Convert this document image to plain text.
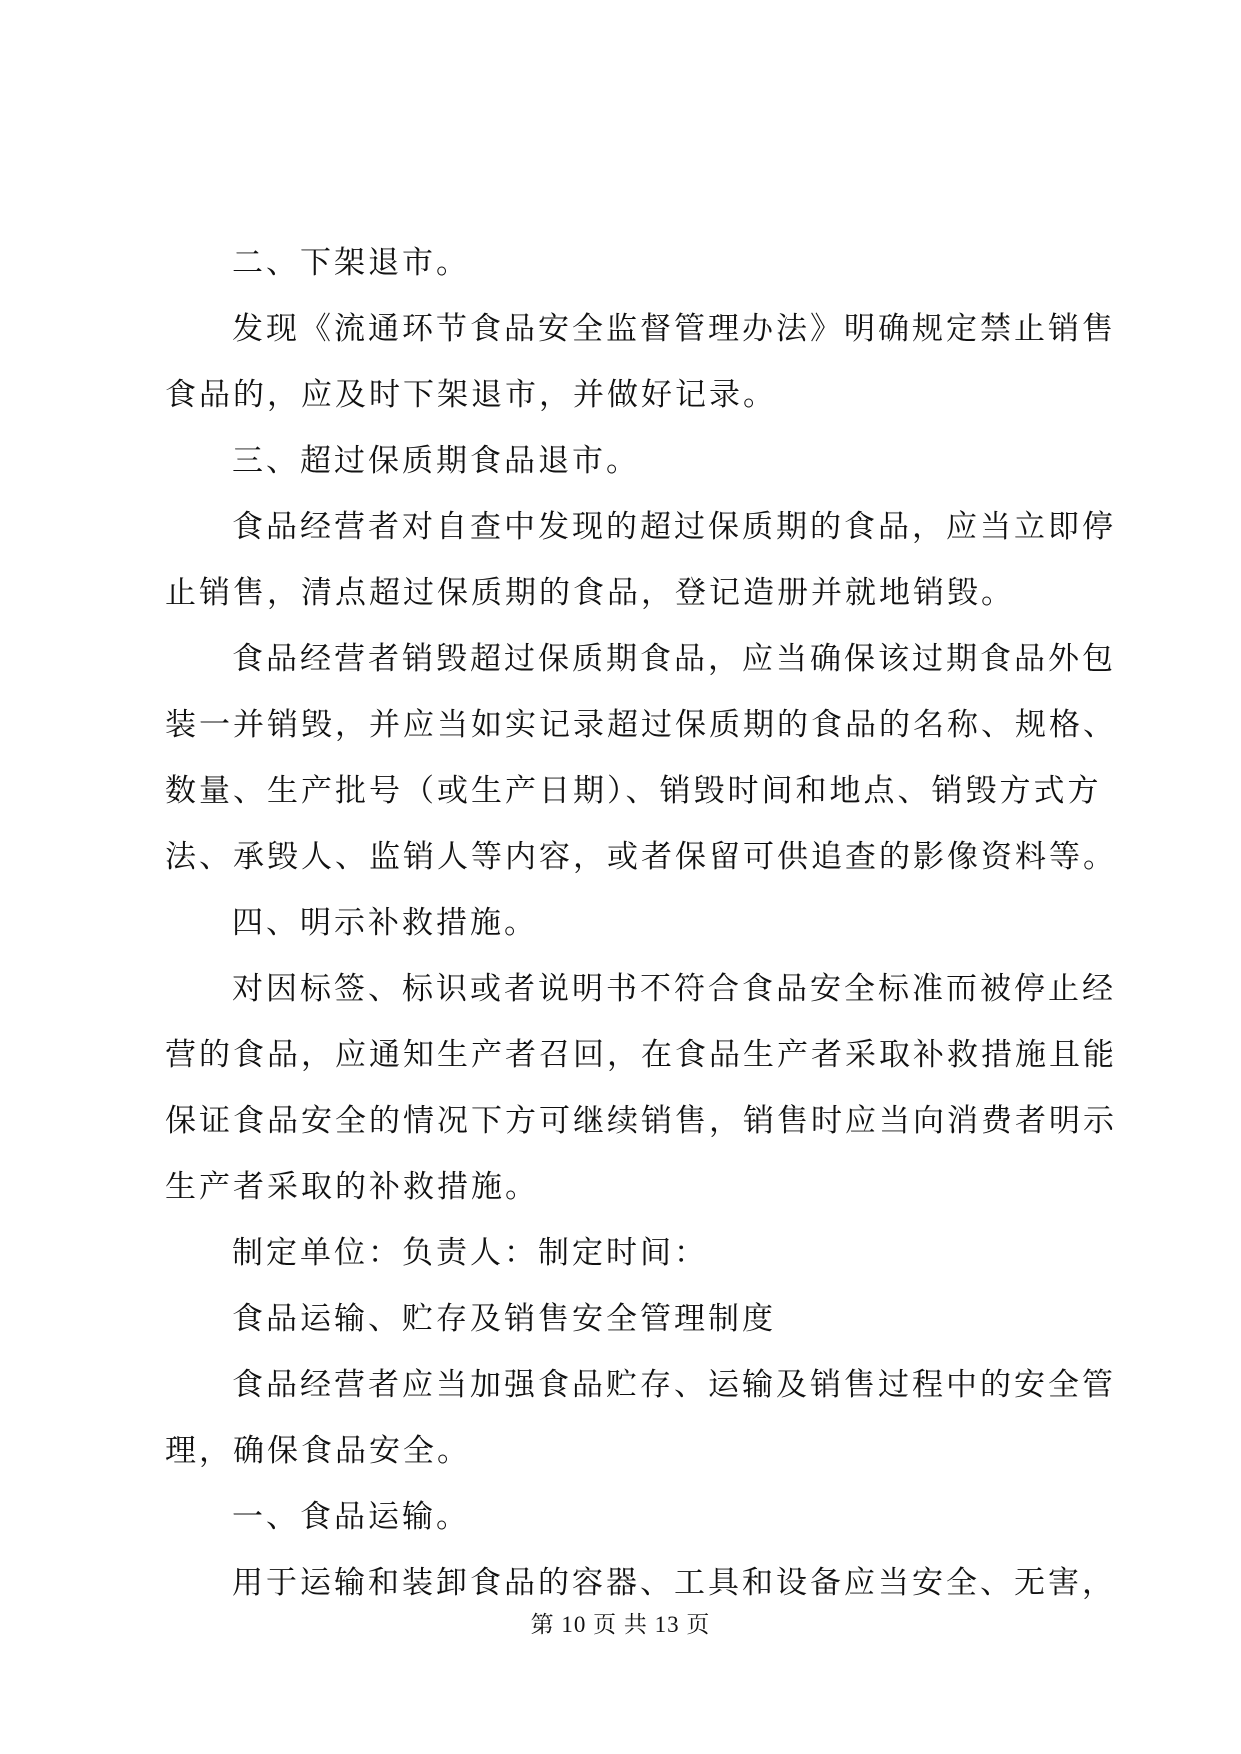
二、下架退市。
发现《流通环节食品安全监督管理办法》明确规定禁止销售
食品的，应及时下架退市，并做好记录。
三、超过保质期食品退市。
食品经营者对自查中发现的超过保质期的食品，应当立即停
止销售，清点超过保质期的食品，登记造册并就地销毁。
食品经营者销毁超过保质期食品，应当确保该过期食品外包
装一并销毁，并应当如实记录超过保质期的食品的名称、规格、
数量、生产批号（或生产日期）、销毁时间和地点、销毁方式方
法、承毁人、监销人等内容，或者保留可供追查的影像资料等。
四、明示补救措施。
对因标签、标识或者说明书不符合食品安全标准而被停止经
营的食品，应通知生产者召回，在食品生产者采取补救措施且能
保证食品安全的情况下方可继续销售，销售时应当向消费者明示
生产者采取的补救措施。
制定单位：负责人：制定时间：
食品运输、贮存及销售安全管理制度
食品经营者应当加强食品贮存、运输及销售过程中的安全管
理，确保食品安全。
一、食品运输。
用于运输和装卸食品的容器、工具和设备应当安全、无害，
第 10 页 共 13 页
